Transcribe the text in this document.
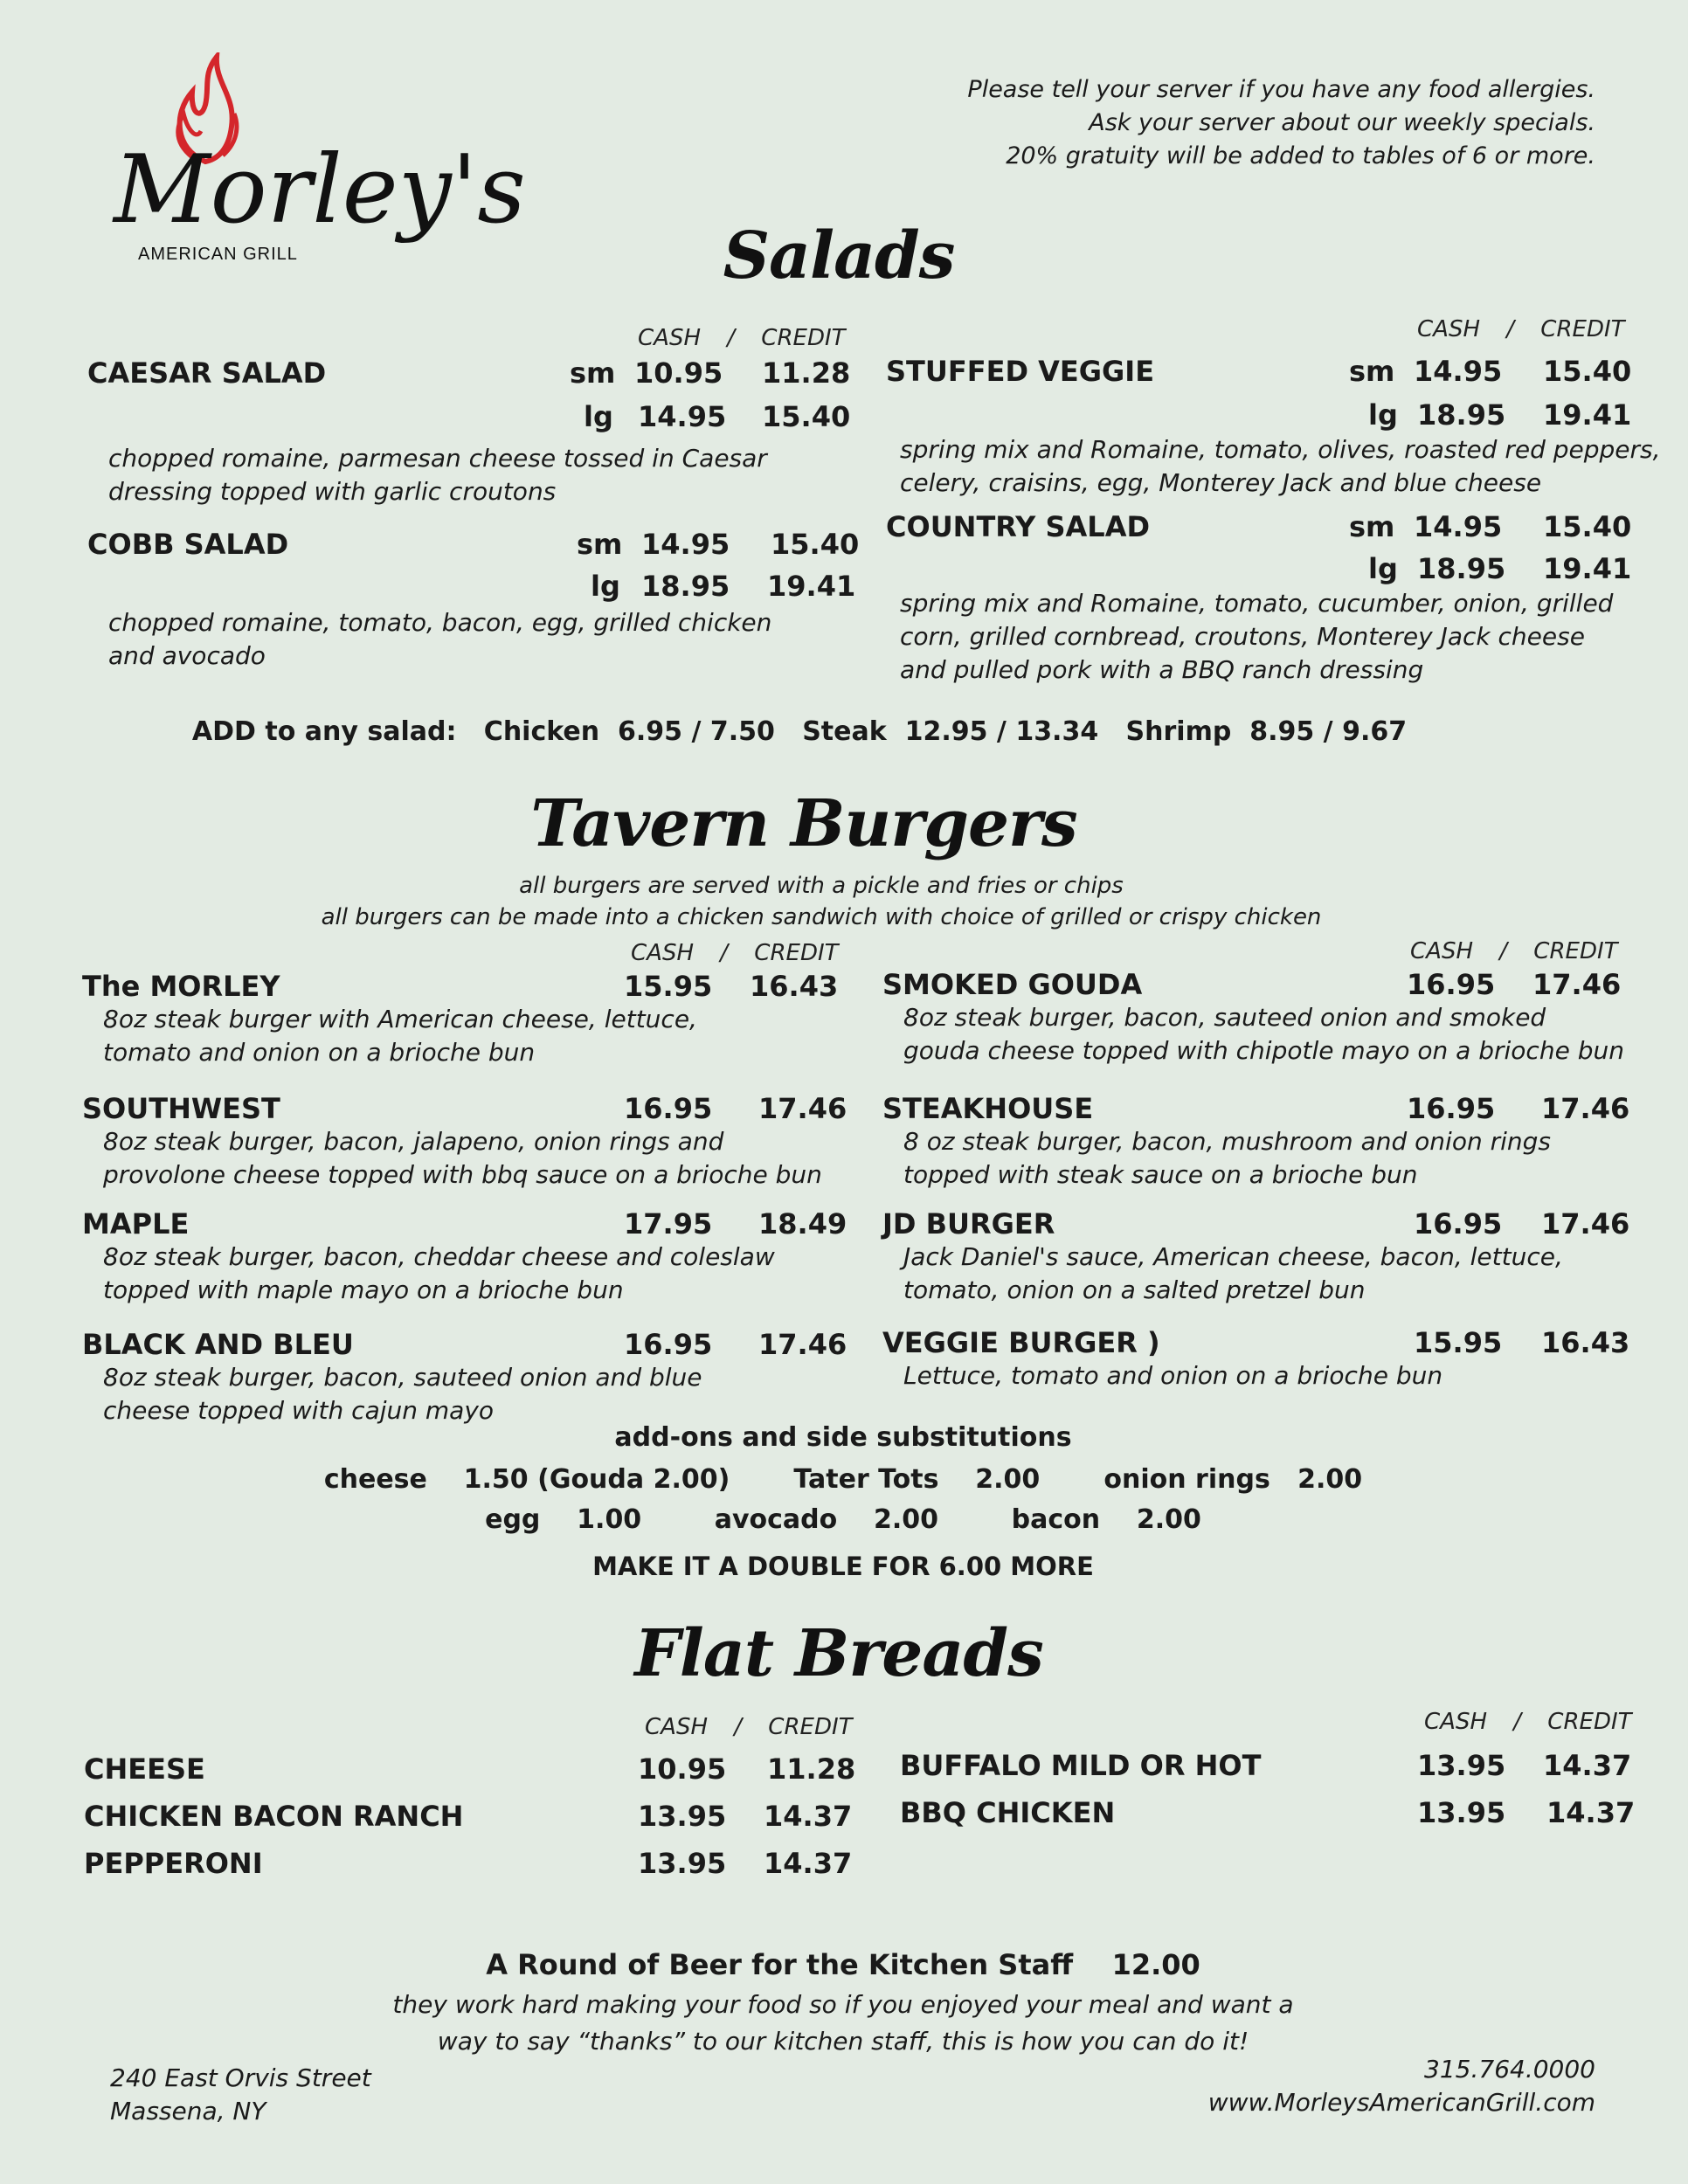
Morley's
AMERICAN GRILL
Please tell your server if you have any food allergies.
Ask your server about our weekly specials.
20% gratuity will be added to tables of 6 or more.
Salads
CASH / CREDIT	CASH / CREDIT
CAESAR SALAD	sm 10.95 11.28
lg 14.95 15.40
chopped romaine, parmesan cheese tossed in Caesar
dressing topped with garlic croutons
COBB SALAD	sm 14.95 15.40
lg 18.95 19.41
chopped romaine, tomato, bacon, egg, grilled chicken
and avocado
STUFFED VEGGIE	sm 14.95 15.40
lg 18.95 19.41
spring mix and Romaine, tomato, olives, roasted red peppers,
celery, craisins, egg, Monterey Jack and blue cheese
COUNTRY SALAD	sm 14.95 15.40
lg 18.95 19.41
spring mix and Romaine, tomato, cucumber, onion, grilled
corn, grilled cornbread, croutons, Monterey Jack cheese
and pulled pork with a BBQ ranch dressing
ADD to any salad:   Chicken  6.95 / 7.50   Steak  12.95 / 13.34   Shrimp  8.95 / 9.67
Tavern Burgers
all burgers are served with a pickle and fries or chips
all burgers can be made into a chicken sandwich with choice of grilled or crispy chicken
CASH / CREDIT	CASH / CREDIT
The MORLEY	15.95 16.43
8oz steak burger with American cheese, lettuce,
tomato and onion on a brioche bun
SOUTHWEST	16.95 17.46
8oz steak burger, bacon, jalapeno, onion rings and
provolone cheese topped with bbq sauce on a brioche bun
MAPLE	17.95 18.49
8oz steak burger, bacon, cheddar cheese and coleslaw
topped with maple mayo on a brioche bun
BLACK AND BLEU	16.95 17.46
8oz steak burger, bacon, sauteed onion and blue
cheese topped with cajun mayo
SMOKED GOUDA	16.95 17.46
8oz steak burger, bacon, sauteed onion and smoked
gouda cheese topped with chipotle mayo on a brioche bun
STEAKHOUSE	16.95 17.46
8 oz steak burger, bacon, mushroom and onion rings
topped with steak sauce on a brioche bun
JD BURGER	16.95 17.46
Jack Daniel's sauce, American cheese, bacon, lettuce,
tomato, onion on a salted pretzel bun
VEGGIE BURGER )	15.95 16.43
Lettuce, tomato and onion on a brioche bun
add-ons and side substitutions
cheese    1.50 (Gouda 2.00)       Tater Tots    2.00       onion rings   2.00
egg    1.00        avocado    2.00        bacon    2.00
MAKE IT A DOUBLE FOR 6.00 MORE
Flat Breads
CASH / CREDIT	CASH / CREDIT
CHEESE	10.95 11.28
CHICKEN BACON RANCH	13.95 14.37
PEPPERONI	13.95 14.37
BUFFALO MILD OR HOT	13.95 14.37
BBQ CHICKEN	13.95 14.37
A Round of Beer for the Kitchen Staff 12.00
they work hard making your food so if you enjoyed your meal and want a
way to say “thanks” to our kitchen staff, this is how you can do it!
240 East Orvis Street
Massena, NY
315.764.0000
www.MorleysAmericanGrill.com
